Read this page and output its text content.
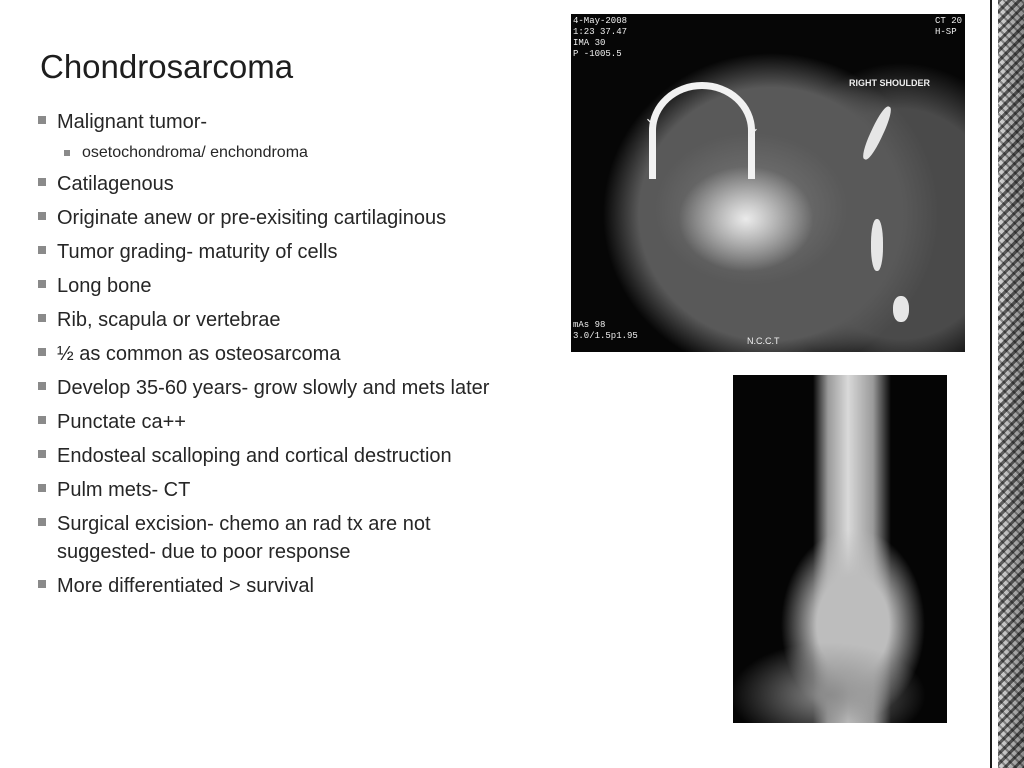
Chondrosarcoma
Malignant tumor-
osetochondroma/ enchondroma
Catilagenous
Originate anew or pre-exisiting cartilaginous
Tumor grading- maturity of cells
Long bone
Rib, scapula or vertebrae
½ as common as osteosarcoma
Develop 35-60 years- grow slowly and mets later
Punctate ca++
Endosteal scalloping and cortical destruction
Pulm mets- CT
Surgical excision- chemo an rad tx are not suggested- due to poor response
More differentiated > survival
↘
↙
4-May-2008
1:23 37.47
IMA 30
P -1005.5
CT 20
H-SP
RIGHT SHOULDER
mAs 98
3.0/1.5p1.95	N.C.C.T
